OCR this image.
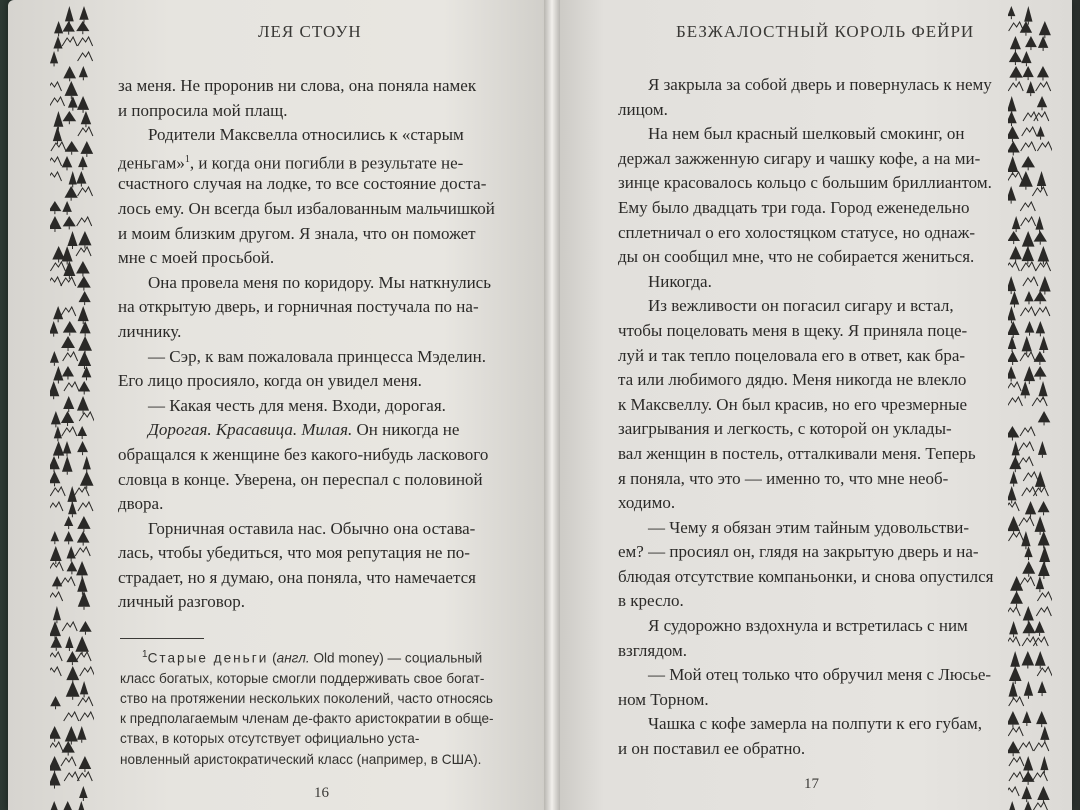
ЛЕЯ СТОУН
за меня. Не проронив ни слова, она поняла намек
и попросила мой плащ.
Родители Максвелла относились к «старым
деньгам»$^1$, и когда они погибли в результате не-
счастного случая на лодке, то все состояние доста-
лось ему. Он всегда был избалованным мальчишкой
и моим близким другом. Я знала, что он поможет
мне с моей просьбой.
Она провела меня по коридору. Мы наткнулись
на открытую дверь, и горничная постучала по на-
личнику.
— Сэр, к вам пожаловала принцесса Мэделин.
Его лицо просияло, когда он увидел меня.
— Какая честь для меня. Входи, дорогая.
Дорогая. Красавица. Милая. Он никогда не
обращался к женщине без какого-нибудь ласкового
словца в конце. Уверена, он переспал с половиной
двора.
Горничная оставила нас. Обычно она остава-
лась, чтобы убедиться, что моя репутация не по-
страдает, но я думаю, она поняла, что намечается
личный разговор.
$^1$Старые деньги (англ. Old money) — социальный
класс богатых, которые смогли поддерживать свое богат-
ство на протяжении нескольких поколений, часто относясь
к предполагаемым членам де-факто аристократии в обще-
ствах, в которых отсутствует официально уста-
новленный аристократический класс (например, в США).
16
БЕЗЖАЛОСТНЫЙ КОРОЛЬ ФЕЙРИ
Я закрыла за собой дверь и повернулась к нему
лицом.
На нем был красный шелковый смокинг, он
держал зажженную сигару и чашку кофе, а на ми-
зинце красовалось кольцо с большим бриллиантом.
Ему было двадцать три года. Город еженедельно
сплетничал о его холостяцком статусе, но однаж-
ды он сообщил мне, что не собирается жениться.
Никогда.
Из вежливости он погасил сигару и встал,
чтобы поцеловать меня в щеку. Я приняла поце-
луй и так тепло поцеловала его в ответ, как бра-
та или любимого дядю. Меня никогда не влекло
к Максвеллу. Он был красив, но его чрезмерные
заигрывания и легкость, с которой он уклады-
вал женщин в постель, отталкивали меня. Теперь
я поняла, что это — именно то, что мне необ-
ходимо.
— Чему я обязан этим тайным удовольстви-
ем? — просиял он, глядя на закрытую дверь и на-
блюдая отсутствие компаньонки, и снова опустился
в кресло.
Я судорожно вздохнула и встретилась с ним
взглядом.
— Мой отец только что обручил меня с Люсье-
ном Торном.
Чашка с кофе замерла на полпути к его губам,
и он поставил ее обратно.
17
